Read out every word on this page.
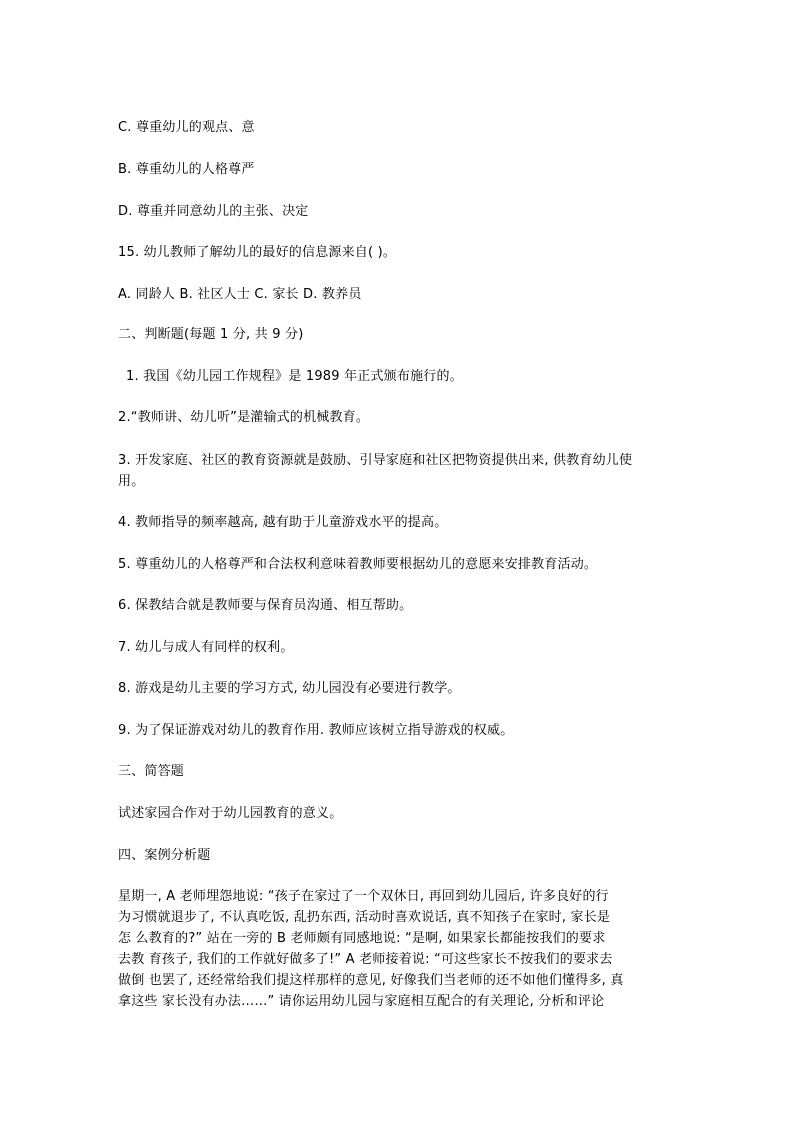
C. 尊重幼儿的观点、意
B. 尊重幼儿的人格尊严
D. 尊重并同意幼儿的主张、决定
15. 幼儿教师了解幼儿的最好的信息源来自( )。
A. 同龄人 B. 社区人士 C. 家长 D. 教养员
二、判断题(每题 1 分, 共 9 分)
1. 我国《幼儿园工作规程》是 1989 年正式颁布施行的。
2.“教师讲、幼儿听”是灌输式的机械教育。
3. 开发家庭、社区的教育资源就是鼓励、引导家庭和社区把物资提供出来, 供教育幼儿使
用。
4. 教师指导的频率越高, 越有助于儿童游戏水平的提高。
5. 尊重幼儿的人格尊严和合法权利意味着教师要根据幼儿的意愿来安排教育活动。
6. 保教结合就是教师要与保育员沟通、相互帮助。
7. 幼儿与成人有同样的权利。
8. 游戏是幼儿主要的学习方式, 幼儿园没有必要进行教学。
9. 为了保证游戏对幼儿的教育作用. 教师应该树立指导游戏的权威。
三、简答题
试述家园合作对于幼儿园教育的意义。
四、案例分析题
星期一, A 老师埋怨地说: “孩子在家过了一个双休日, 再回到幼儿园后, 许多良好的行
为习惯就退步了, 不认真吃饭, 乱扔东西, 活动时喜欢说话, 真不知孩子在家时, 家长是
怎 么教育的?” 站在一旁的 B 老师颇有同感地说: “是啊, 如果家长都能按我们的要求
去教 育孩子, 我们的工作就好做多了!” A 老师接着说: “可这些家长不按我们的要求去
做倒 也罢了, 还经常给我们提这样那样的意见, 好像我们当老师的还不如他们懂得多, 真
拿这些 家长没有办法……” 请你运用幼儿园与家庭相互配合的有关理论, 分析和评论
